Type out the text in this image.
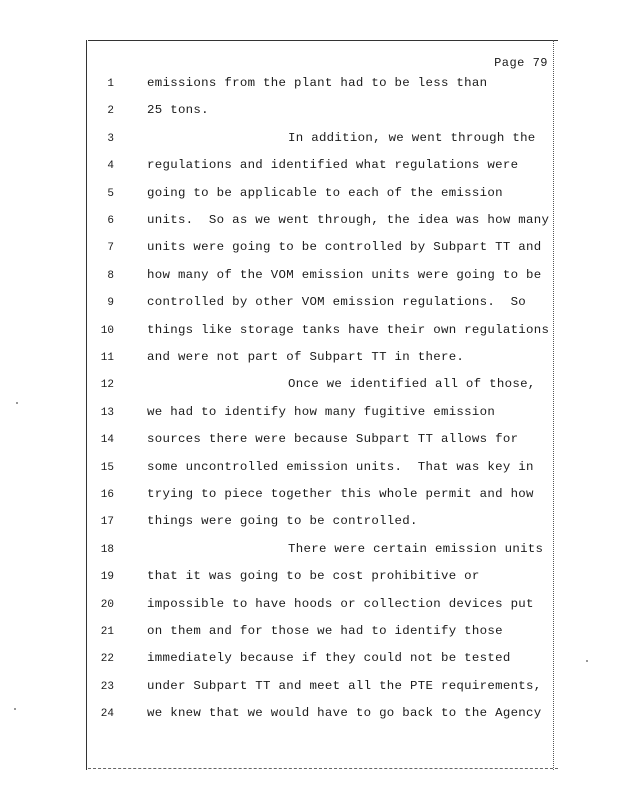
Page 79
1	emissions from the plant had to be less than
2	25 tons.
3	In addition, we went through the
4	regulations and identified what regulations were
5	going to be applicable to each of the emission
6	units.  So as we went through, the idea was how many
7	units were going to be controlled by Subpart TT and
8	how many of the VOM emission units were going to be
9	controlled by other VOM emission regulations.  So
10	things like storage tanks have their own regulations
11	and were not part of Subpart TT in there.
12	Once we identified all of those,
13	we had to identify how many fugitive emission
14	sources there were because Subpart TT allows for
15	some uncontrolled emission units.  That was key in
16	trying to piece together this whole permit and how
17	things were going to be controlled.
18	There were certain emission units
19	that it was going to be cost prohibitive or
20	impossible to have hoods or collection devices put
21	on them and for those we had to identify those
22	immediately because if they could not be tested
23	under Subpart TT and meet all the PTE requirements,
24	we knew that we would have to go back to the Agency
